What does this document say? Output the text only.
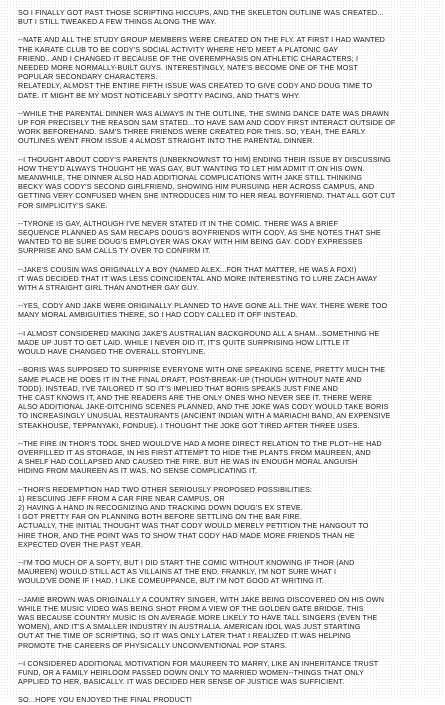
SO I FINALLY GOT PAST THOSE SCRIPTING HICCUPS, AND THE SKELETON OUTLINE WAS CREATED...
BUT I STILL TWEAKED A FEW THINGS ALONG THE WAY.
--NATE AND ALL THE STUDY GROUP MEMBERS WERE CREATED ON THE FLY. AT FIRST I HAD WANTED
THE KARATE CLUB TO BE CODY'S SOCIAL ACTIVITY WHERE HE'D MEET A PLATONIC GAY
FRIEND...AND I CHANGED IT BECAUSE OF THE OVEREMPHASIS ON ATHLETIC CHARACTERS; I
NEEDED MORE NORMALLY-BUILT GUYS. INTERESTINGLY, NATE'S BECOME ONE OF THE MOST
POPULAR SECONDARY CHARACTERS.
RELATEDLY, ALMOST THE ENTIRE FIFTH ISSUE WAS CREATED TO GIVE CODY AND DOUG TIME TO
DATE. IT MIGHT BE MY MOST NOTICEABLY SPOTTY PACING, AND THAT'S WHY.
--WHILE THE PARENTAL DINNER WAS ALWAYS IN THE OUTLINE, THE SWING DANCE DATE WAS DRAWN
UP FOR PRECISELY THE REASON SAM STATED...TO HAVE SAM AND CODY FIRST INTERACT OUTSIDE OF
WORK BEFOREHAND. SAM'S THREE FRIENDS WERE CREATED FOR THIS. SO, YEAH, THE EARLY
OUTLINES WENT FROM ISSUE 4 ALMOST STRAIGHT INTO THE PARENTAL DINNER.
--I THOUGHT ABOUT CODY'S PARENTS (UNBEKNOWNST TO HIM) ENDING THEIR ISSUE BY DISCUSSING
HOW THEY'D ALWAYS THOUGHT HE WAS GAY, BUT WANTING TO LET HIM ADMIT IT ON HIS OWN.
MEANWHILE, THE DINNER ALSO HAD ADDITIONAL COMPLICATIONS WITH JAKE STILL THINKING
BECKY WAS CODY'S SECOND GIRLFRIEND, SHOWING HIM PURSUING HER ACROSS CAMPUS, AND
GETTING VERY CONFUSED WHEN SHE INTRODUCES HIM TO HER REAL BOYFRIEND. THAT ALL GOT CUT
FOR SIMPLICITY'S SAKE.
--TYRONE IS GAY, ALTHOUGH I'VE NEVER STATED IT IN THE COMIC. THERE WAS A BRIEF
SEQUENCE PLANNED AS SAM RECAPS DOUG'S BOYFRIENDS WITH CODY, AS SHE NOTES THAT SHE
WANTED TO BE SURE DOUG'S EMPLOYER WAS OKAY WITH HIM BEING GAY. CODY EXPRESSES
SURPRISE AND SAM CALLS TY OVER TO CONFIRM IT.
--JAKE'S COUSIN WAS ORIGINALLY A BOY (NAMED ALEX...FOR THAT MATTER, HE WAS A FOX!)
IT WAS DECIDED THAT IT WAS LESS COINCIDENTAL AND MORE INTERESTING TO LURE ZACH AWAY
WITH A STRAIGHT GIRL THAN ANOTHER GAY GUY.
--YES, CODY AND JAKE WERE ORIGINALLY PLANNED TO HAVE GONE ALL THE WAY. THERE WERE TOO
MANY MORAL AMBIGUITIES THERE, SO I HAD CODY CALLED IT OFF INSTEAD.
--I ALMOST CONSIDERED MAKING JAKE'S AUSTRALIAN BACKGROUND ALL A SHAM...SOMETHING HE
MADE UP JUST TO GET LAID. WHILE I NEVER DID IT, IT'S QUITE SURPRISING HOW LITTLE IT
WOULD HAVE CHANGED THE OVERALL STORYLINE.
--BORIS WAS SUPPOSED TO SURPRISE EVERYONE WITH ONE SPEAKING SCENE, PRETTY MUCH THE
SAME PLACE HE DOES IT IN THE FINAL DRAFT, POST-BREAK-UP (THOUGH WITHOUT NATE AND
TODD). INSTEAD, I'VE TAILORED IT SO IT'S IMPLIED THAT BORIS SPEAKS JUST FINE AND
THE CAST KNOWS IT, AND THE READERS ARE THE ONLY ONES WHO NEVER SEE IT. THERE WERE
ALSO ADDITIONAL JAKE-DITCHING SCENES PLANNED, AND THE JOKE WAS CODY WOULD TAKE BORIS
TO INCREASINGLY UNUSUAL RESTAURANTS (ANCIENT INDIAN WITH A MARIACHI BAND, AN EXPENSIVE
STEAKHOUSE, TEPPANYAKI, FONDUE). I THOUGHT THE JOKE GOT TIRED AFTER THREE USES.
--THE FIRE IN THOR'S TOOL SHED WOULD'VE HAD A MORE DIRECT RELATION TO THE PLOT--HE HAD
OVERFILLED IT AS STORAGE, IN HIS FIRST ATTEMPT TO HIDE THE PLANTS FROM MAUREEN, AND
A SHELF HAD COLLAPSED AND CAUSED THE FIRE. BUT HE WAS IN ENOUGH MORAL ANGUISH
HIDING FROM MAUREEN AS IT WAS, NO SENSE COMPLICATING IT.
--THOR'S REDEMPTION HAD TWO OTHER SERIOUSLY PROPOSED POSSIBILITIES:
1) RESCUING JEFF FROM A CAR FIRE NEAR CAMPUS, OR
2) HAVING A HAND IN RECOGNIZING AND TRACKING DOWN DOUG'S EX STEVE.
I GOT PRETTY FAR ON PLANNING BOTH BEFORE SETTLING ON THE BAR FIRE.
ACTUALLY, THE INITIAL THOUGHT WAS THAT CODY WOULD MERELY PETITION THE HANGOUT TO
HIRE THOR, AND THE POINT WAS TO SHOW THAT CODY HAD MADE MORE FRIENDS THAN HE
EXPECTED OVER THE PAST YEAR.
--I'M TOO MUCH OF A SOFTY, BUT I DID START THE COMIC WITHOUT KNOWING IF THOR (AND
MAUREEN) WOULD STILL ACT AS VILLAINS AT THE END. FRANKLY, I'M NOT SURE WHAT I
WOULD'VE DONE IF I HAD. I LIKE COMEUPPANCE, BUT I'M NOT GOOD AT WRITING IT.
--JAMIE BROWN WAS ORIGINALLY A COUNTRY SINGER, WITH JAKE BEING DISCOVERED ON HIS OWN
WHILE THE MUSIC VIDEO WAS BEING SHOT FROM A VIEW OF THE GOLDEN GATE BRIDGE. THIS
WAS BECAUSE COUNTRY MUSIC IS ON AVERAGE MORE LIKELY TO HAVE TALL SINGERS (EVEN THE
WOMEN), AND IT'S A SMALLER INDUSTRY IN AUSTRALIA. AMERICAN IDOL WAS JUST STARTING
OUT AT THE TIME OF SCRIPTING, SO IT WAS ONLY LATER THAT I REALIZED IT WAS HELPING
PROMOTE THE CAREERS OF PHYSICALLY UNCONVENTIONAL POP STARS.
--I CONSIDERED ADDITIONAL MOTIVATION FOR MAUREEN TO MARRY, LIKE AN INHERITANCE TRUST
FUND, OR A FAMILY HEIRLOOM PASSED DOWN ONLY TO MARRIED WOMEN--THINGS THAT ONLY
APPLIED TO HER, BASICALLY. IT WAS DECIDED HER SENSE OF JUSTICE WAS SUFFICIENT.
SO...HOPE YOU ENJOYED THE FINAL PRODUCT!
